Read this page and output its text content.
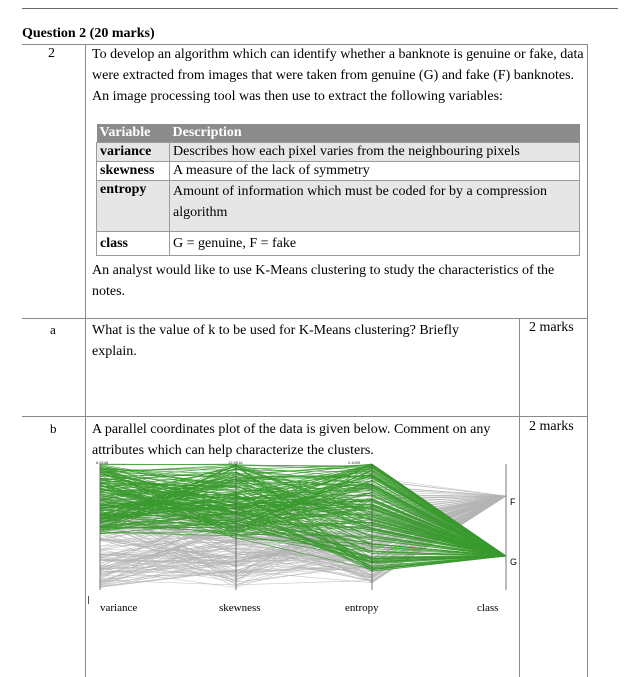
Question 2 (20 marks)
2	To develop an algorithm which can identify whether a banknote is genuine or fake, data were extracted from images that were taken from genuine (G) and fake (F) banknotes. An image processing tool was then use to extract the following variables:
Variable	Description
variance	Describes how each pixel varies from the neighbouring pixels
skewness	A measure of the lack of symmetry
entropy	Amount of information which must be coded for by a compression algorithm
class	G = genuine, F = fake
An analyst would like to use K-Means clustering to study the characteristics of the notes.
a	What is the value of k to be used for K-Means clustering? Briefly explain.
2 marks
b	A parallel coordinates plot of the data is given below. Comment on any attributes which can help characterize the clusters.
2 marks
variance	skewness	entropy	class
6.8248	12.9516	2.4495
F
G
